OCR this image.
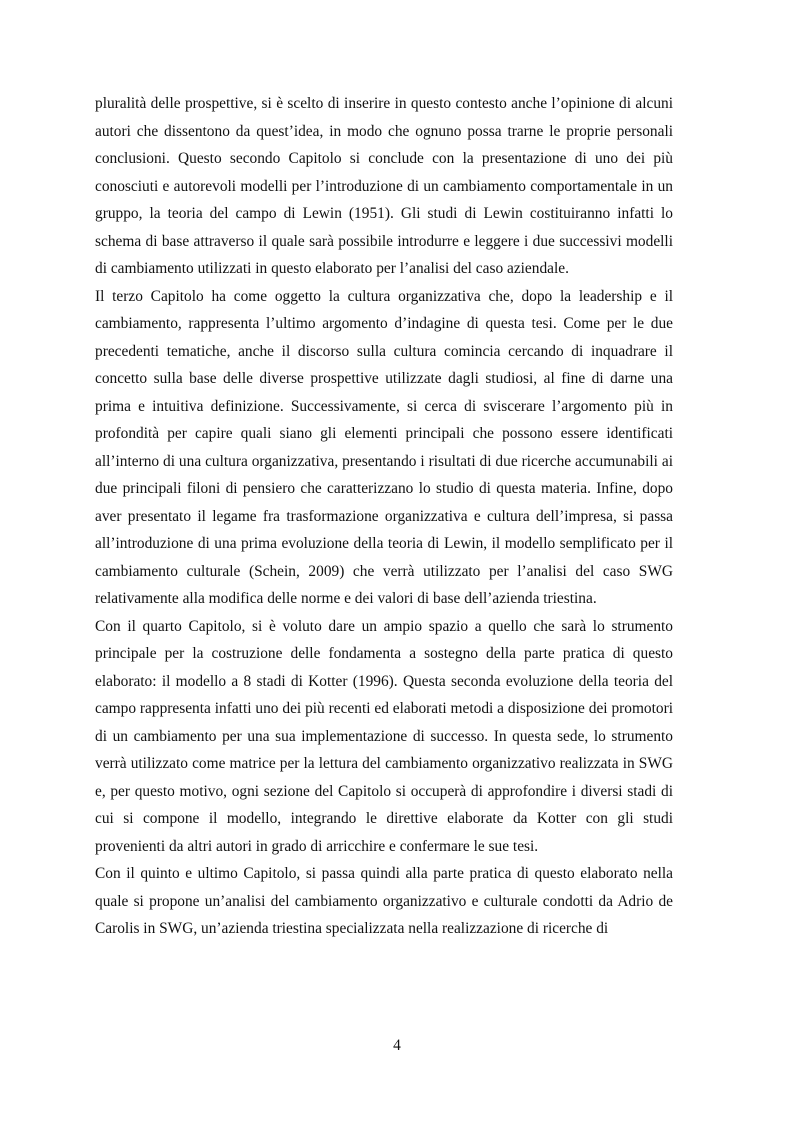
pluralità delle prospettive, si è scelto di inserire in questo contesto anche l’opinione di alcuni autori che dissentono da quest’idea, in modo che ognuno possa trarne le proprie personali conclusioni. Questo secondo Capitolo si conclude con la presentazione di uno dei più conosciuti e autorevoli modelli per l’introduzione di un cambiamento comportamentale in un gruppo, la teoria del campo di Lewin (1951). Gli studi di Lewin costituiranno infatti lo schema di base attraverso il quale sarà possibile introdurre e leggere i due successivi modelli di cambiamento utilizzati in questo elaborato per l’analisi del caso aziendale.

Il terzo Capitolo ha come oggetto la cultura organizzativa che, dopo la leadership e il cambiamento, rappresenta l’ultimo argomento d’indagine di questa tesi. Come per le due precedenti tematiche, anche il discorso sulla cultura comincia cercando di inquadrare il concetto sulla base delle diverse prospettive utilizzate dagli studiosi, al fine di darne una prima e intuitiva definizione. Successivamente, si cerca di sviscerare l’argomento più in profondità per capire quali siano gli elementi principali che possono essere identificati all’interno di una cultura organizzativa, presentando i risultati di due ricerche accumunabili ai due principali filoni di pensiero che caratterizzano lo studio di questa materia. Infine, dopo aver presentato il legame fra trasformazione organizzativa e cultura dell’impresa, si passa all’introduzione di una prima evoluzione della teoria di Lewin, il modello semplificato per il cambiamento culturale (Schein, 2009) che verrà utilizzato per l’analisi del caso SWG relativamente alla modifica delle norme e dei valori di base dell’azienda triestina.

Con il quarto Capitolo, si è voluto dare un ampio spazio a quello che sarà lo strumento principale per la costruzione delle fondamenta a sostegno della parte pratica di questo elaborato: il modello a 8 stadi di Kotter (1996). Questa seconda evoluzione della teoria del campo rappresenta infatti uno dei più recenti ed elaborati metodi a disposizione dei promotori di un cambiamento per una sua implementazione di successo. In questa sede, lo strumento verrà utilizzato come matrice per la lettura del cambiamento organizzativo realizzata in SWG e, per questo motivo, ogni sezione del Capitolo si occuperà di approfondire i diversi stadi di cui si compone il modello, integrando le direttive elaborate da Kotter con gli studi provenienti da altri autori in grado di arricchire e confermare le sue tesi.

Con il quinto e ultimo Capitolo, si passa quindi alla parte pratica di questo elaborato nella quale si propone un’analisi del cambiamento organizzativo e culturale condotti da Adrio de Carolis in SWG, un’azienda triestina specializzata nella realizzazione di ricerche di

4
